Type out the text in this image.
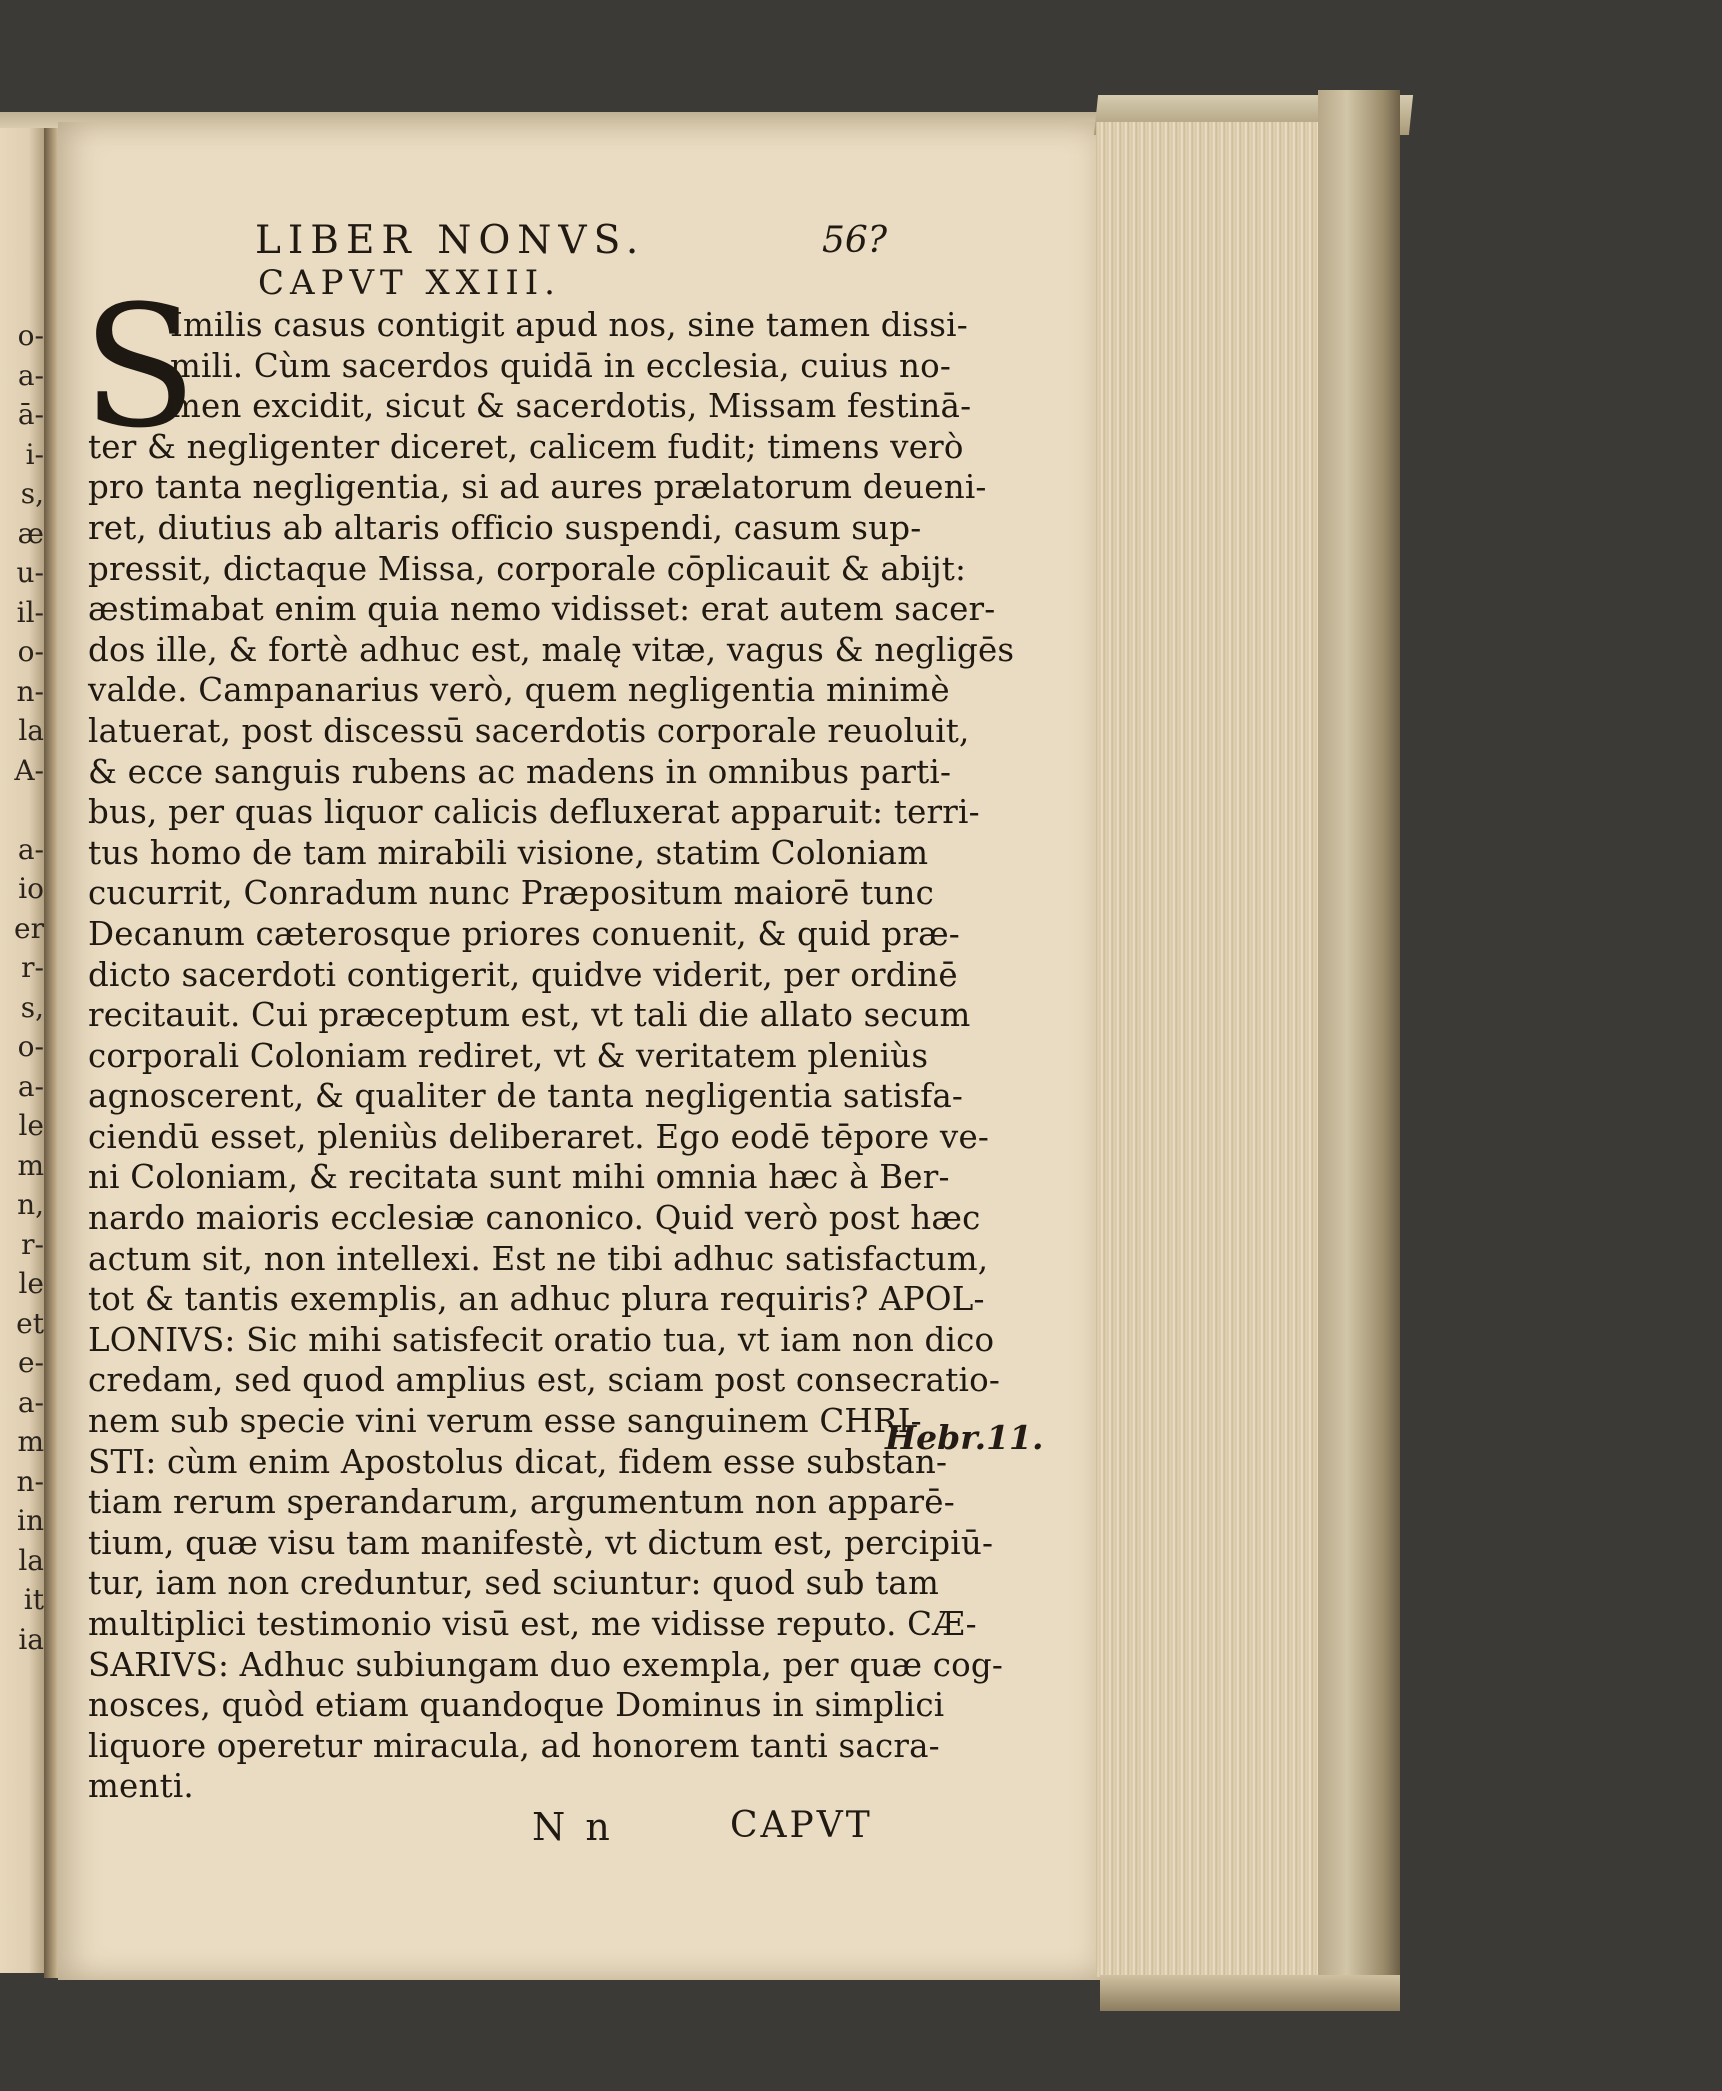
o-
a-
ā-
i-
s,
æ
u-
il-
o-
n-
la
A-
a-
io
er
r-
s,
o-
a-
le
m
n,
r-
le
et
e-
a-
m
n-
in
la
it
ia
LIBER NONVS.	56?
CAPVT XXIII.
S
Imilis casus contigit apud nos, sine tamen dissi-
mili. Cùm sacerdos quidā in ecclesia, cuius no-
men excidit, sicut & sacerdotis, Missam festinā-
ter & negligenter diceret, calicem fudit; timens verò
pro tanta negligentia, si ad aures prælatorum deueni-
ret, diutius ab altaris officio suspendi, casum sup-
pressit, dictaque Missa, corporale cōplicauit & abijt:
æstimabat enim quia nemo vidisset: erat autem sacer-
dos ille, & fortè adhuc est, malę vitæ, vagus & negligēs
valde. Campanarius verò, quem negligentia minimè
latuerat, post discessū sacerdotis corporale reuoluit,
& ecce sanguis rubens ac madens in omnibus parti-
bus, per quas liquor calicis defluxerat apparuit: terri-
tus homo de tam mirabili visione, statim Coloniam
cucurrit, Conradum nunc Præpositum maiorē tunc
Decanum cæterosque priores conuenit, & quid præ-
dicto sacerdoti contigerit, quidve viderit, per ordinē
recitauit. Cui præceptum est, vt tali die allato secum
corporali Coloniam rediret, vt & veritatem pleniùs
agnoscerent, & qualiter de tanta negligentia satisfa-
ciendū esset, pleniùs deliberaret. Ego eodē tēpore ve-
ni Coloniam, & recitata sunt mihi omnia hæc à Ber-
nardo maioris ecclesiæ canonico. Quid verò post hæc
actum sit, non intellexi. Est ne tibi adhuc satisfactum,
tot & tantis exemplis, an adhuc plura requiris? APOL-
LONIVS: Sic mihi satisfecit oratio tua, vt iam non dico
credam, sed quod amplius est, sciam post consecratio-
nem sub specie vini verum esse sanguinem CHRI-
STI: cùm enim Apostolus dicat, fidem esse substan-
tiam rerum sperandarum, argumentum non apparē-
tium, quæ visu tam manifestè, vt dictum est, percipiū-
tur, iam non creduntur, sed sciuntur: quod sub tam
multiplici testimonio visū est, me vidisse reputo. CÆ-
SARIVS: Adhuc subiungam duo exempla, per quæ cog-
nosces, quòd etiam quandoque Dominus in simplici
liquore operetur miracula, ad honorem tanti sacra-
menti.
Hebr.11.
N n	CAPVT
